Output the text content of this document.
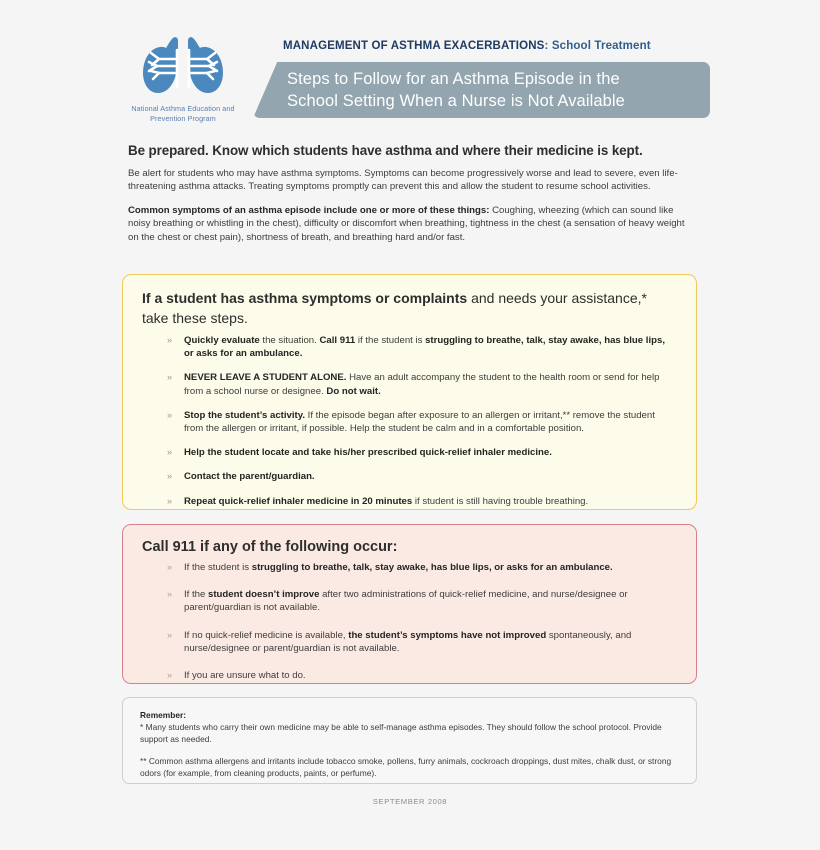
National Asthma Education and
Prevention Program
MANAGEMENT OF ASTHMA EXACERBATIONS: School Treatment
Steps to Follow for an Asthma Episode in the
School Setting When a Nurse is Not Available
Be prepared. Know which students have asthma and where their medicine is kept.

Be alert for students who may have asthma symptoms. Symptoms can become progressively worse and lead to severe, even life-threatening asthma attacks. Treating symptoms promptly can prevent this and allow the student to resume school activities.

Common symptoms of an asthma episode include one or more of these things: Coughing, wheezing (which can sound like noisy breathing or whistling in the chest), difficulty or discomfort when breathing, tightness in the chest (a sensation of heavy weight on the chest or chest pain), shortness of breath, and breathing hard and/or fast.

If a student has asthma symptoms or complaints and needs your assistance,* take these steps.
» Quickly evaluate the situation. Call 911 if the student is struggling to breathe, talk, stay awake, has blue lips, or asks for an ambulance.
» NEVER LEAVE A STUDENT ALONE. Have an adult accompany the student to the health room or send for help from a school nurse or designee. Do not wait.
» Stop the student’s activity. If the episode began after exposure to an allergen or irritant,** remove the student from the allergen or irritant, if possible. Help the student be calm and in a comfortable position.
» Help the student locate and take his/her prescribed quick-relief inhaler medicine.
» Contact the parent/guardian.
» Repeat quick-relief inhaler medicine in 20 minutes if student is still having trouble breathing.
Call 911 if any of the following occur:
» If the student is struggling to breathe, talk, stay awake, has blue lips, or asks for an ambulance.
» If the student doesn’t improve after two administrations of quick-relief medicine, and nurse/designee or parent/guardian is not available.
» If no quick-relief medicine is available, the student’s symptoms have not improved spontaneously, and nurse/designee or parent/guardian is not available.
» If you are unsure what to do.
Remember:

* Many students who carry their own medicine may be able to self-manage asthma episodes. They should follow the school protocol. Provide support as needed.

** Common asthma allergens and irritants include tobacco smoke, pollens, furry animals, cockroach droppings, dust mites, chalk dust, or strong odors (for example, from cleaning products, paints, or perfume).

SEPTEMBER 2008
